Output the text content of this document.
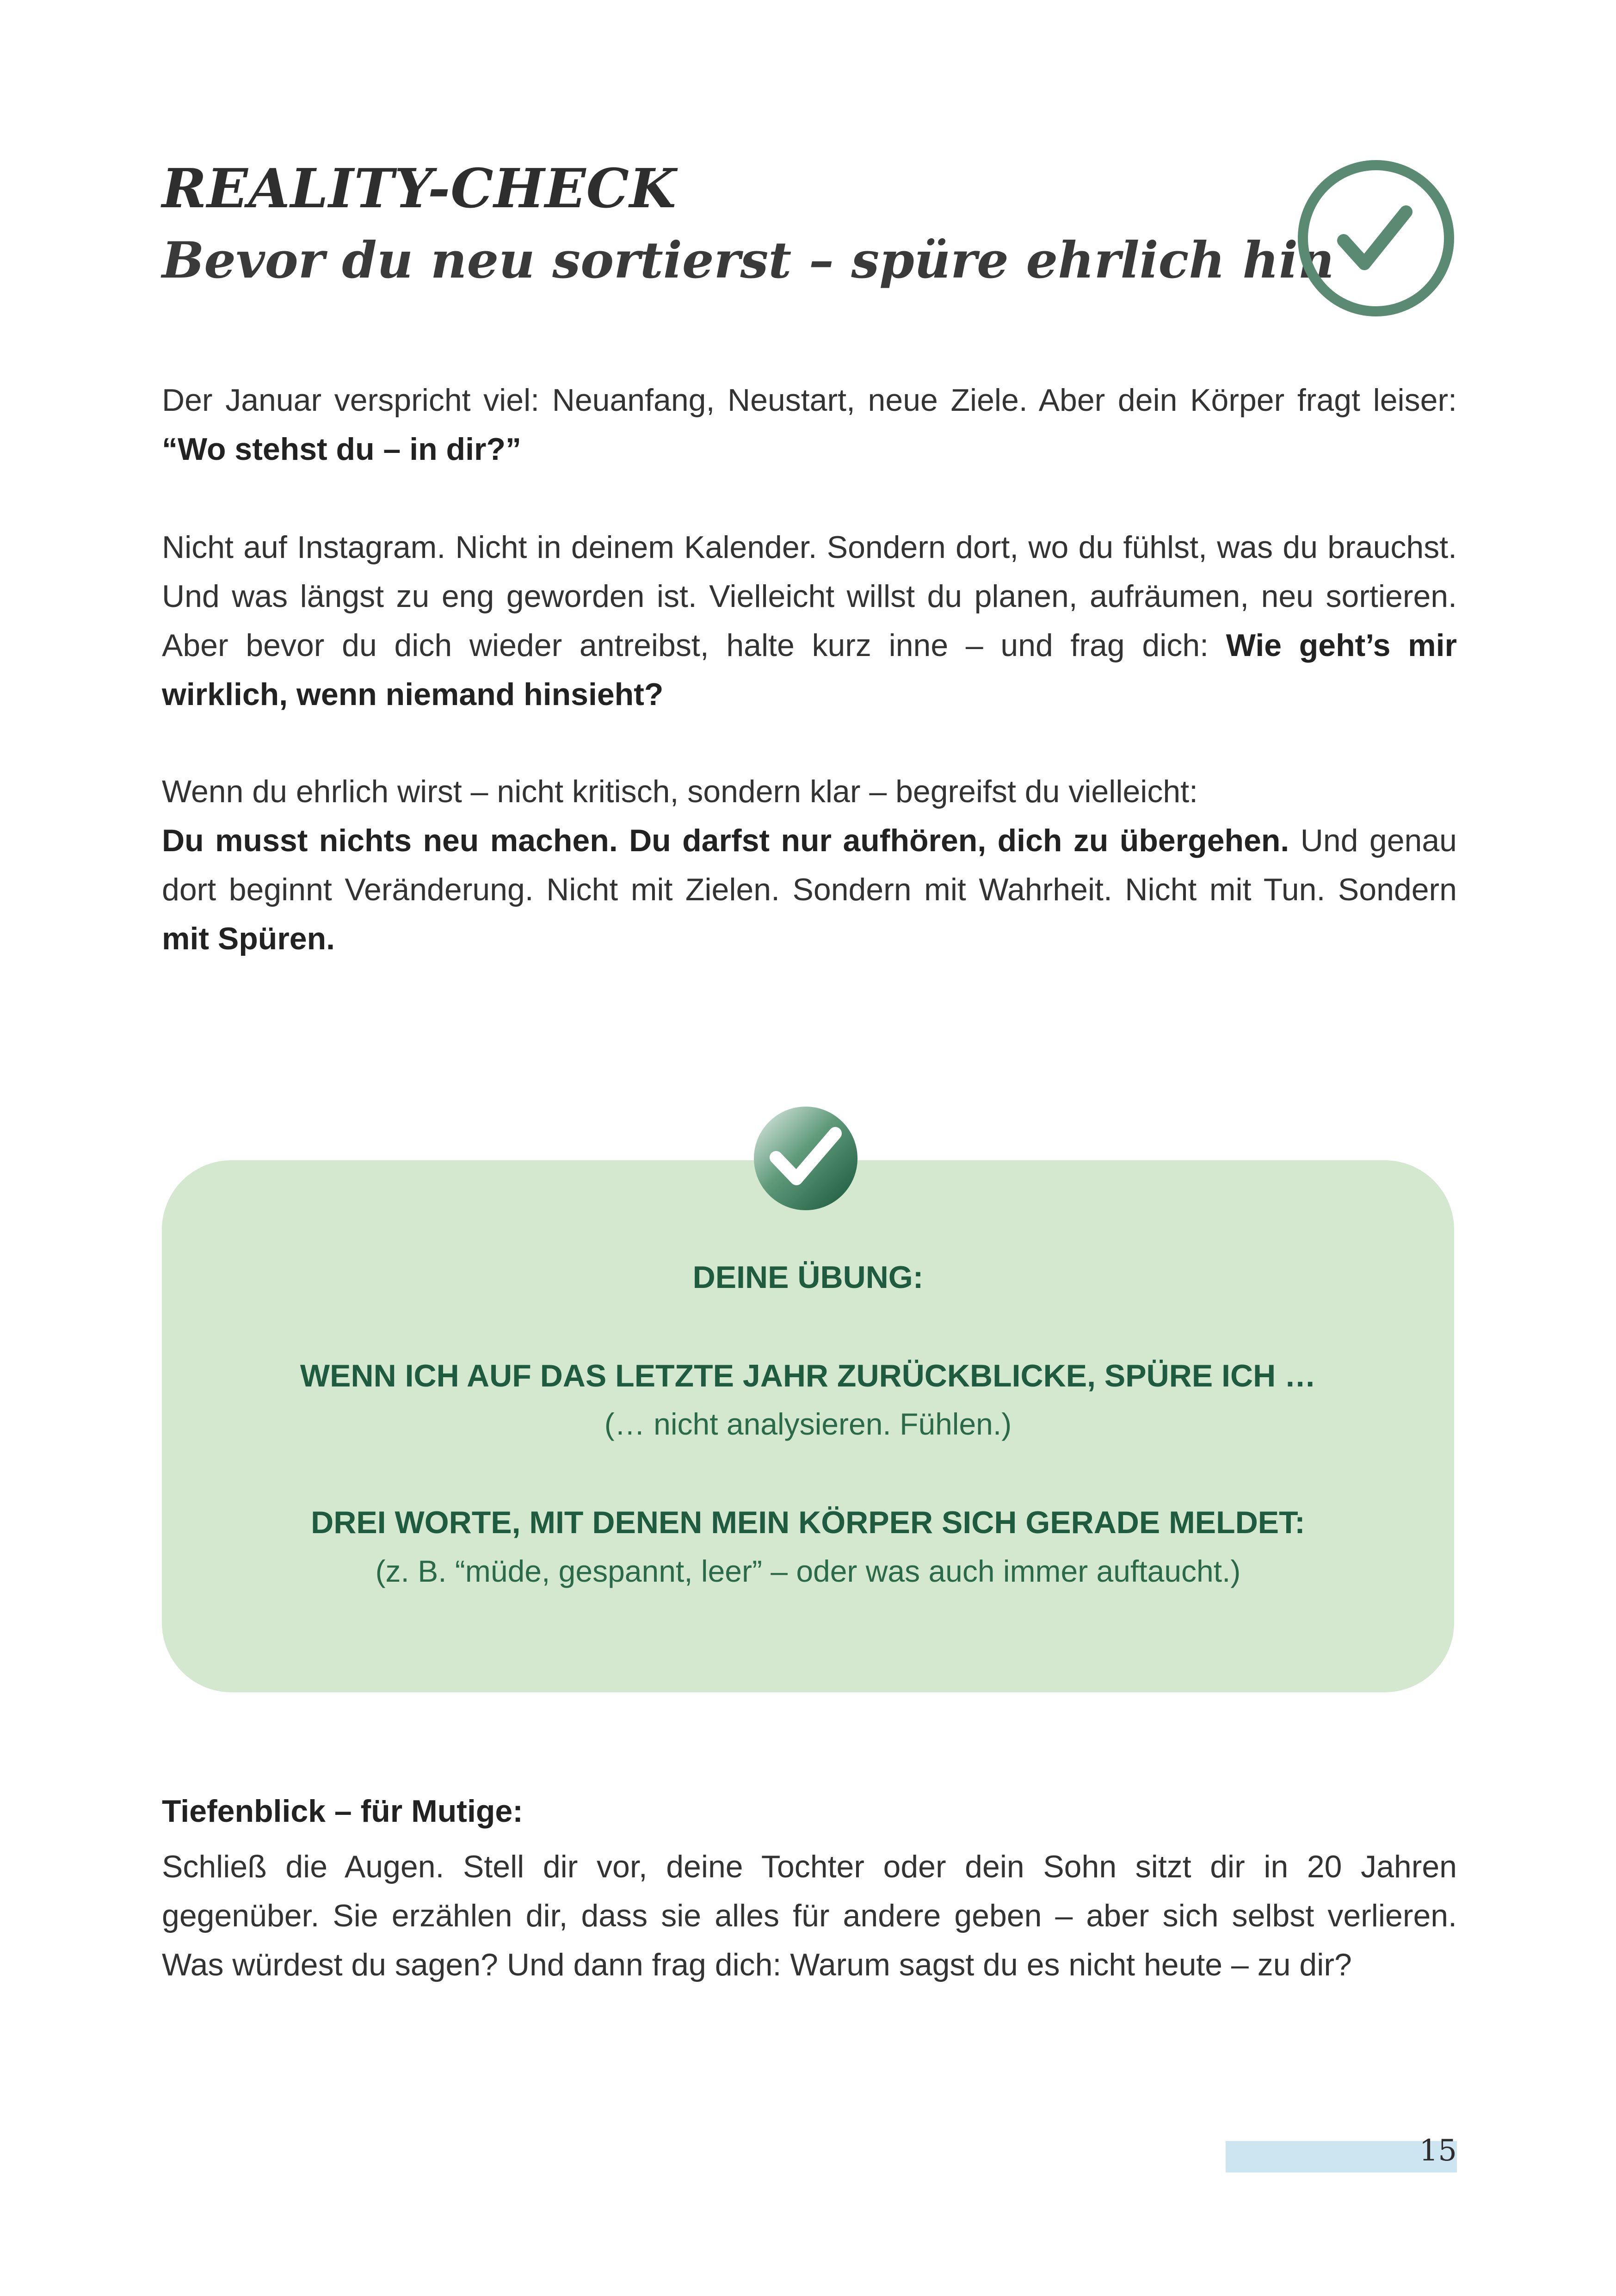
REALITY-CHECK
Bevor du neu sortierst – spüre ehrlich hin

Der Januar verspricht viel: Neuanfang, Neustart, neue Ziele. Aber dein Körper fragt leiser: “Wo stehst du – in dir?”

Nicht auf Instagram. Nicht in deinem Kalender. Sondern dort, wo du fühlst, was du brauchst. Und was längst zu eng geworden ist. Vielleicht willst du planen, aufräumen, neu sortieren. Aber bevor du dich wieder antreibst, halte kurz inne – und frag dich: Wie geht’s mir wirklich, wenn niemand hinsieht?

Wenn du ehrlich wirst – nicht kritisch, sondern klar – begreifst du vielleicht:
Du musst nichts neu machen. Du darfst nur aufhören, dich zu übergehen. Und genau dort beginnt Veränderung. Nicht mit Zielen. Sondern mit Wahrheit. Nicht mit Tun. Sondern mit Spüren.

DEINE ÜBUNG:

WENN ICH AUF DAS LETZTE JAHR ZURÜCKBLICKE, SPÜRE ICH …

(… nicht analysieren. Fühlen.)

DREI WORTE, MIT DENEN MEIN KÖRPER SICH GERADE MELDET:

(z. B. “müde, gespannt, leer” – oder was auch immer auftaucht.)

Tiefenblick – für Mutige:

Schließ die Augen. Stell dir vor, deine Tochter oder dein Sohn sitzt dir in 20 Jahren gegenüber. Sie erzählen dir, dass sie alles für andere geben – aber sich selbst verlieren. Was würdest du sagen? Und dann frag dich: Warum sagst du es nicht heute – zu dir?

15
